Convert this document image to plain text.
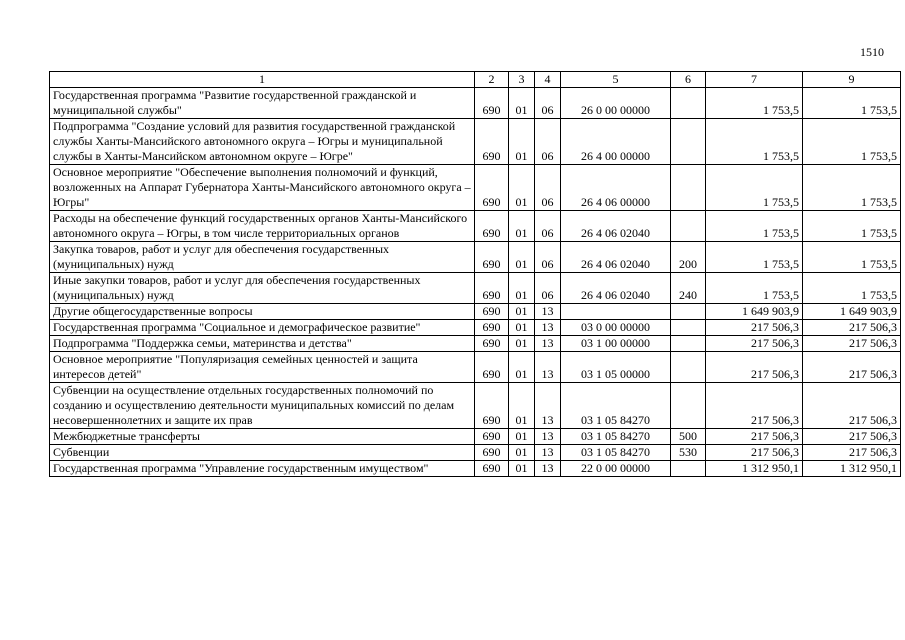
1510
1	2	3	4	5	6	7	9
Государственная программа "Развитие государственной гражданской и муниципальной службы"	690	01	06	26 0 00 00000		1 753,5	1 753,5
Подпрограмма "Создание условий для развития государственной гражданской службы Ханты-Мансийского автономного округа – Югры и муниципальной службы в Ханты-Мансийском автономном округе – Югре"	690	01	06	26 4 00 00000		1 753,5	1 753,5
Основное мероприятие "Обеспечение выполнения полномочий и функций, возложенных на Аппарат Губернатора Ханты-Мансийского автономного округа – Югры"	690	01	06	26 4 06 00000		1 753,5	1 753,5
Расходы на обеспечение функций государственных органов Ханты-Мансийского автономного округа – Югры, в том числе территориальных органов	690	01	06	26 4 06 02040		1 753,5	1 753,5
Закупка товаров, работ и услуг для обеспечения государственных (муниципальных) нужд	690	01	06	26 4 06 02040	200	1 753,5	1 753,5
Иные закупки товаров, работ и услуг для обеспечения государственных (муниципальных) нужд	690	01	06	26 4 06 02040	240	1 753,5	1 753,5
Другие общегосударственные вопросы	690	01	13			1 649 903,9	1 649 903,9
Государственная программа "Социальное и демографическое развитие"	690	01	13	03 0 00 00000		217 506,3	217 506,3
Подпрограмма "Поддержка семьи, материнства и детства"	690	01	13	03 1 00 00000		217 506,3	217 506,3
Основное мероприятие "Популяризация семейных ценностей и защита интересов детей"	690	01	13	03 1 05 00000		217 506,3	217 506,3
Субвенции на осуществление отдельных государственных полномочий по созданию и осуществлению деятельности муниципальных комиссий по делам несовершеннолетних и защите их прав	690	01	13	03 1 05 84270		217 506,3	217 506,3
Межбюджетные трансферты	690	01	13	03 1 05 84270	500	217 506,3	217 506,3
Субвенции	690	01	13	03 1 05 84270	530	217 506,3	217 506,3
Государственная программа "Управление государственным имуществом"	690	01	13	22 0 00 00000		1 312 950,1	1 312 950,1
